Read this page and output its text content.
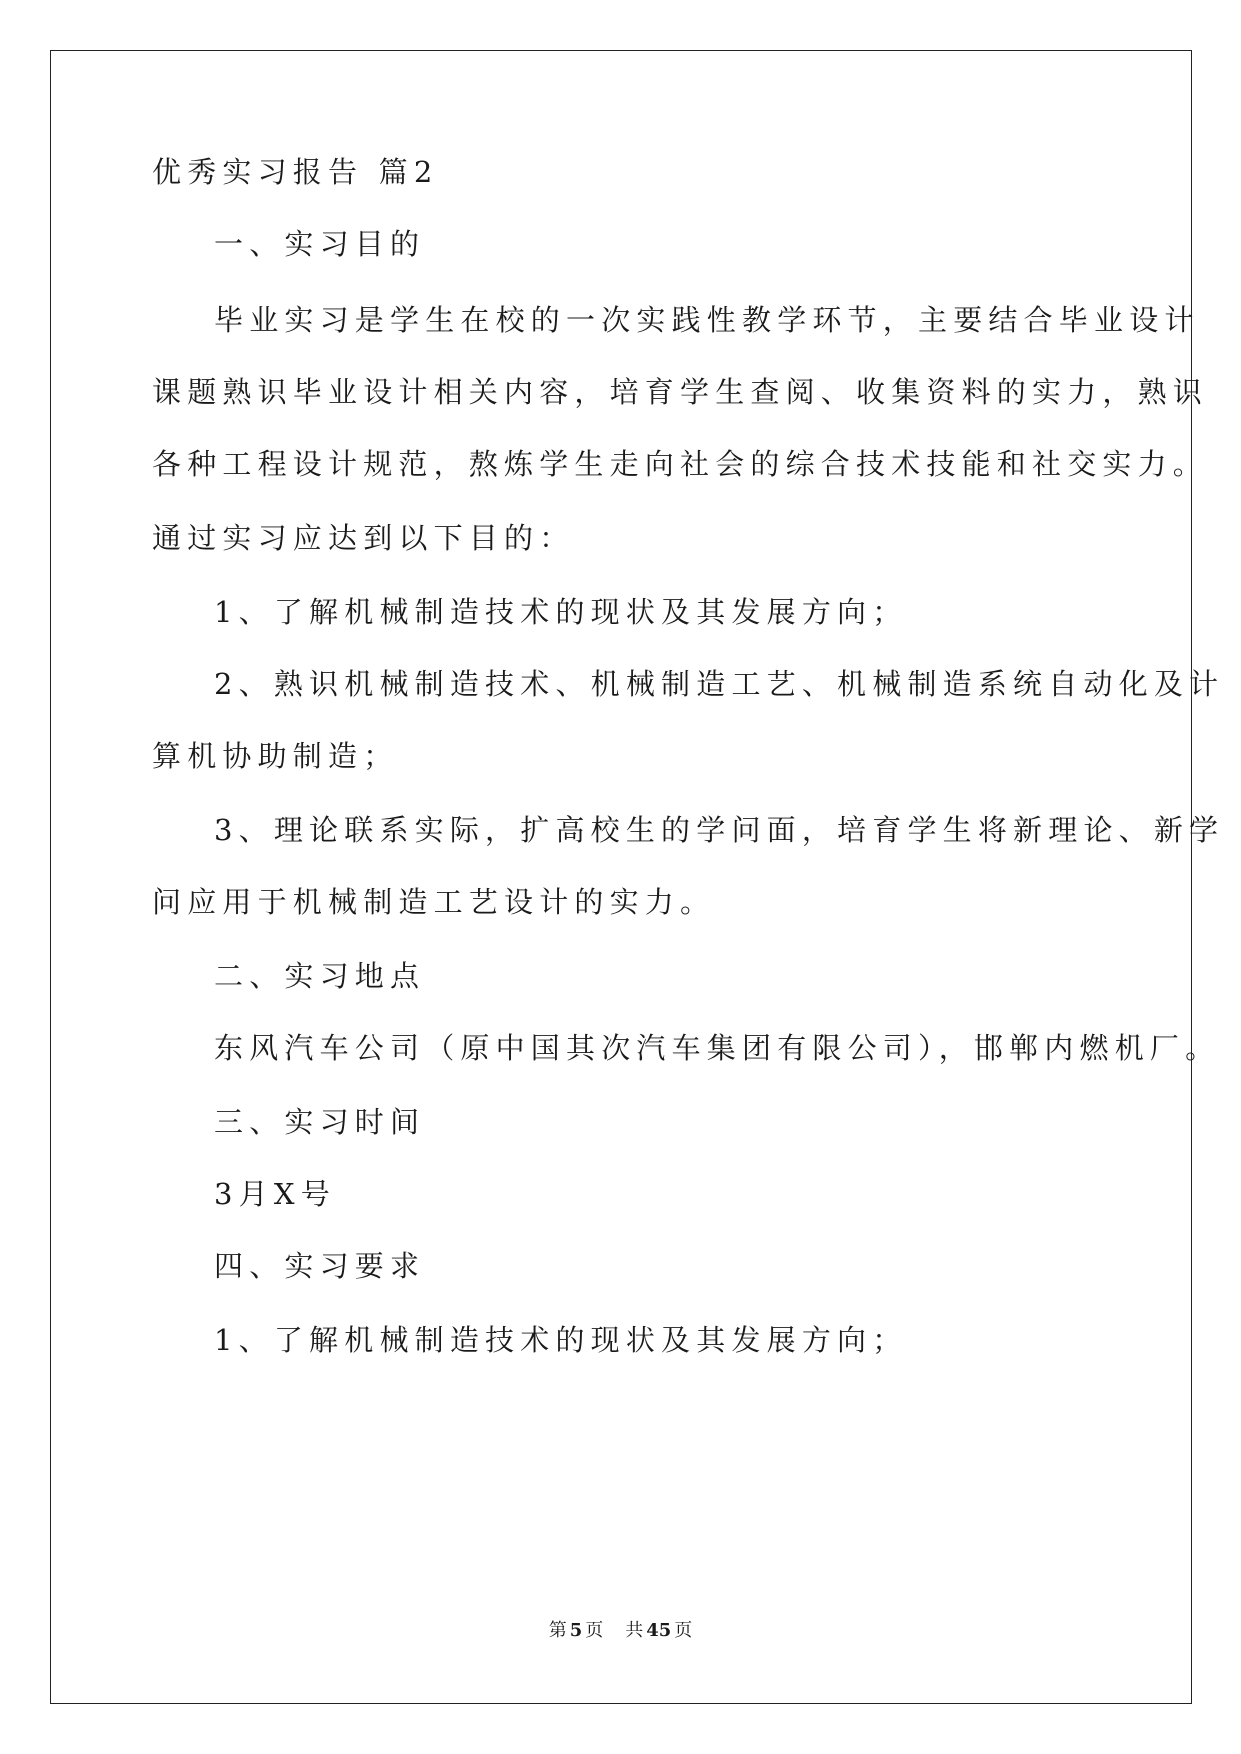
优秀实习报告 篇2

一、实习目的

毕业实习是学生在校的一次实践性教学环节，主要结合毕业设计

课题熟识毕业设计相关内容，培育学生查阅、收集资料的实力，熟识

各种工程设计规范，熬炼学生走向社会的综合技术技能和社交实力。

通过实习应达到以下目的：

1、了解机械制造技术的现状及其发展方向；

2、熟识机械制造技术、机械制造工艺、机械制造系统自动化及计

算机协助制造；

3、理论联系实际，扩高校生的学问面，培育学生将新理论、新学

问应用于机械制造工艺设计的实力。

二、实习地点

东风汽车公司（原中国其次汽车集团有限公司），邯郸内燃机厂。

三、实习时间

3月X号

四、实习要求

1、了解机械制造技术的现状及其发展方向；

第 5 页 共 45 页
